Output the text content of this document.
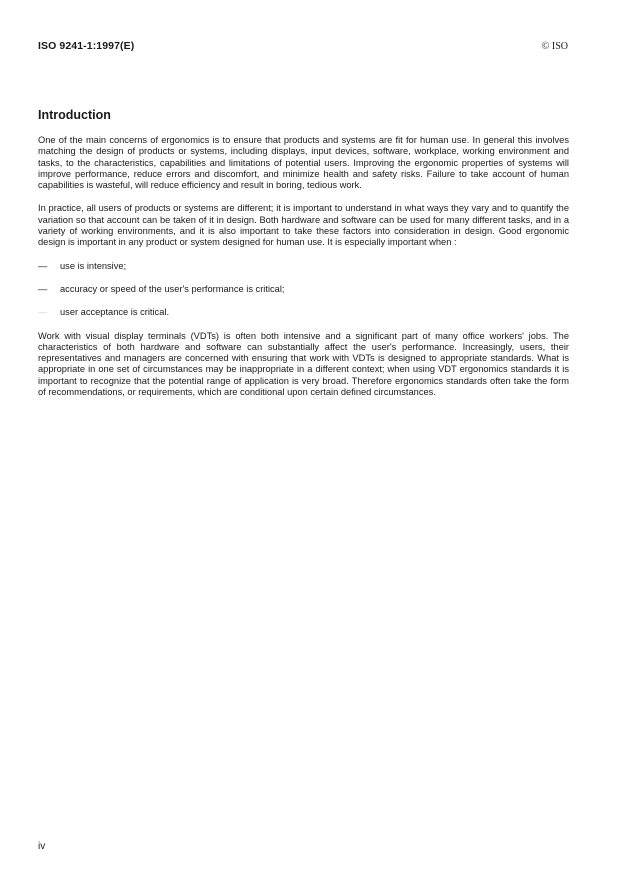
ISO 9241-1:1997(E)	© ISO
Introduction

One of the main concerns of ergonomics is to ensure that products and systems are fit for human use. In general this involves matching the design of products or systems, including displays, input devices, software, workplace, working environment and tasks, to the characteristics, capabilities and limitations of potential users. Improving the ergonomic properties of systems will improve performance, reduce errors and discomfort, and minimize health and safety risks. Failure to take account of human capabilities is wasteful, will reduce efficiency and result in boring, tedious work.

In practice, all users of products or systems are different; it is important to understand in what ways they vary and to quantify the variation so that account can be taken of it in design. Both hardware and software can be used for many different tasks, and in a variety of working environments, and it is also important to take these factors into consideration in design. Good ergonomic design is important in any product or system designed for human use. It is especially important when :

— use is intensive;
— accuracy or speed of the user's performance is critical;
— user acceptance is critical.

Work with visual display terminals (VDTs) is often both intensive and a significant part of many office workers' jobs. The characteristics of both hardware and software can substantially affect the user's performance. Increasingly, users, their representatives and managers are concerned with ensuring that work with VDTs is designed to appropriate standards. What is appropriate in one set of circumstances may be inappropriate in a different context; when using VDT ergonomics standards it is important to recognize that the potential range of application is very broad. Therefore ergonomics standards often take the form of recommendations, or requirements, which are conditional upon certain defined circumstances.

iv
